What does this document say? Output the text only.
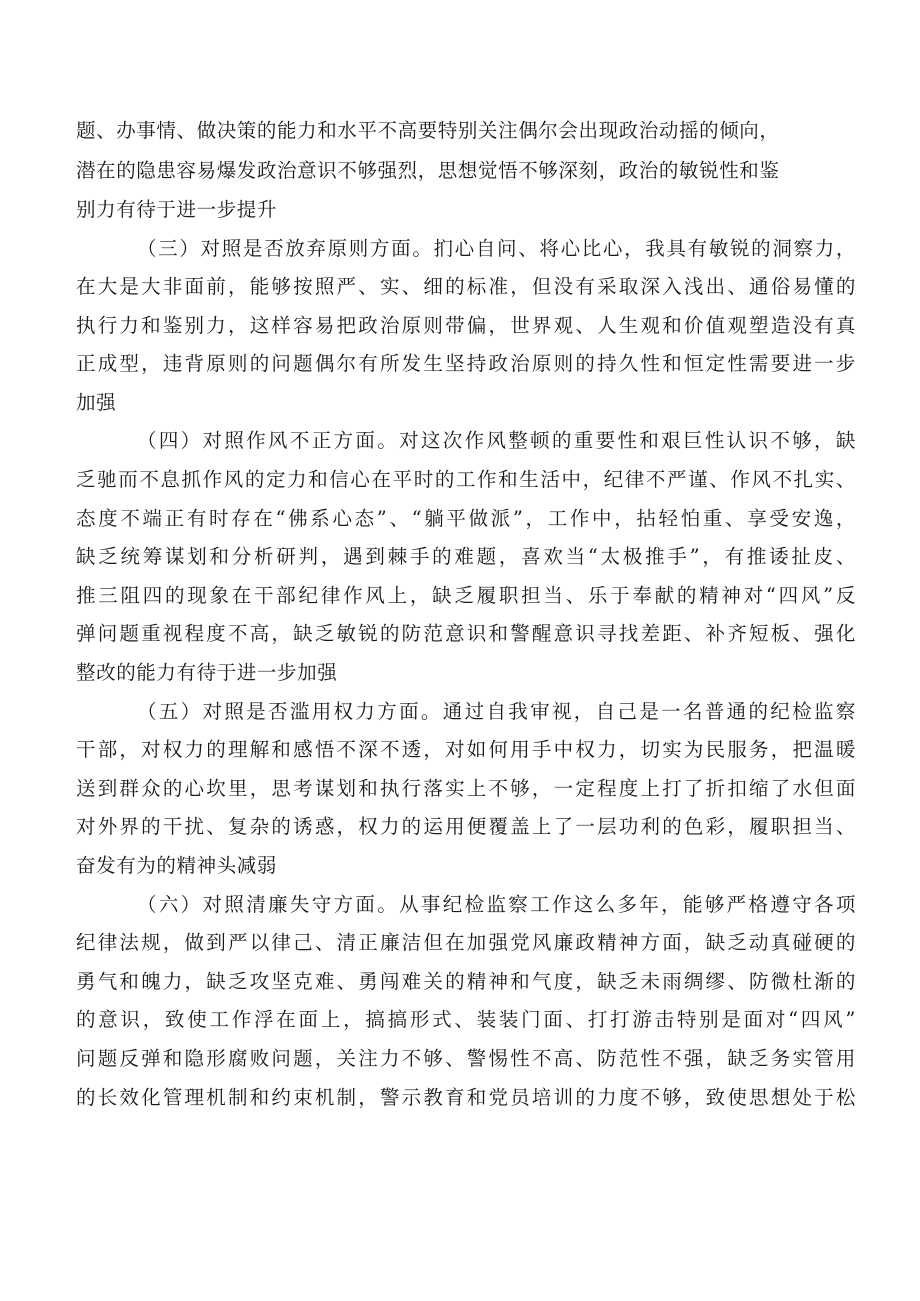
题、办事情、做决策的能力和水平不高要特别关注偶尔会出现政治动摇的倾向，
潜在的隐患容易爆发政治意识不够强烈，思想觉悟不够深刻，政治的敏锐性和鉴
别力有待于进一步提升
（三）对照是否放弃原则方面。扪心自问、将心比心，我具有敏锐的洞察力，
在大是大非面前，能够按照严、实、细的标准，但没有采取深入浅出、通俗易懂的
执行力和鉴别力，这样容易把政治原则带偏，世界观、人生观和价值观塑造没有真
正成型，违背原则的问题偶尔有所发生坚持政治原则的持久性和恒定性需要进一步
加强
（四）对照作风不正方面。对这次作风整顿的重要性和艰巨性认识不够，缺
乏驰而不息抓作风的定力和信心在平时的工作和生活中，纪律不严谨、作风不扎实、
态度不端正有时存在“佛系心态”、“躺平做派”，工作中，拈轻怕重、享受安逸，
缺乏统筹谋划和分析研判，遇到棘手的难题，喜欢当“太极推手”，有推诿扯皮、
推三阻四的现象在干部纪律作风上，缺乏履职担当、乐于奉献的精神对“四风”反
弹问题重视程度不高，缺乏敏锐的防范意识和警醒意识寻找差距、补齐短板、强化
整改的能力有待于进一步加强
（五）对照是否滥用权力方面。通过自我审视，自己是一名普通的纪检监察
干部，对权力的理解和感悟不深不透，对如何用手中权力，切实为民服务，把温暖
送到群众的心坎里，思考谋划和执行落实上不够，一定程度上打了折扣缩了水但面
对外界的干扰、复杂的诱惑，权力的运用便覆盖上了一层功利的色彩，履职担当、
奋发有为的精神头减弱
（六）对照清廉失守方面。从事纪检监察工作这么多年，能够严格遵守各项
纪律法规，做到严以律己、清正廉洁但在加强党风廉政精神方面，缺乏动真碰硬的
勇气和魄力，缺乏攻坚克难、勇闯难关的精神和气度，缺乏未雨绸缪、防微杜渐的
的意识，致使工作浮在面上，搞搞形式、装装门面、打打游击特别是面对“四风”
问题反弹和隐形腐败问题，关注力不够、警惕性不高、防范性不强，缺乏务实管用
的长效化管理机制和约束机制，警示教育和党员培训的力度不够，致使思想处于松
